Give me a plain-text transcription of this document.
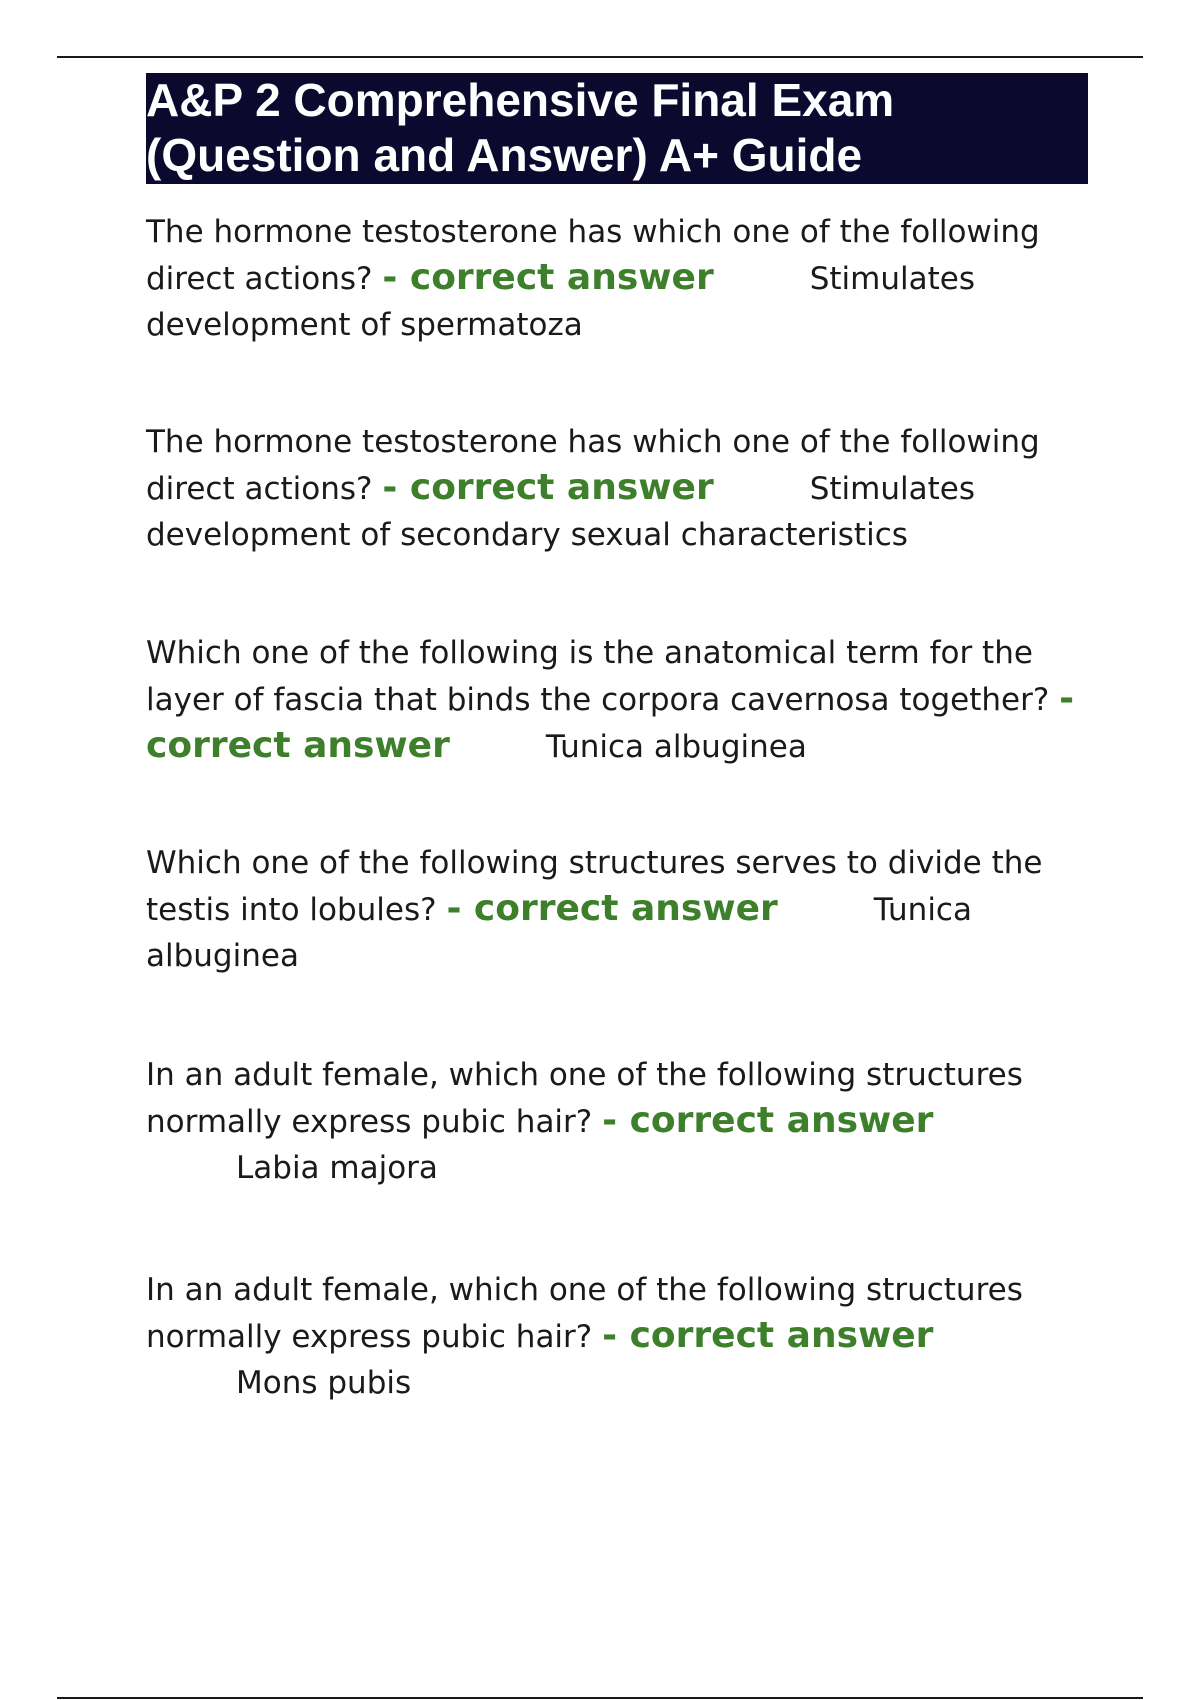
A&P 2 Comprehensive Final Exam
(Question and Answer) A+ Guide
The hormone testosterone has which one of the following direct actions? - correct answer	Stimulates development of spermatoza
The hormone testosterone has which one of the following direct actions? - correct answer	Stimulates development of secondary sexual characteristics
Which one of the following is the anatomical term for the layer of fascia that binds the corpora cavernosa together? - correct answer	Tunica albuginea
Which one of the following structures serves to divide the testis into lobules? - correct answer	Tunica albuginea
In an adult female, which one of the following structures normally express pubic hair? - correct answer
Labia majora
In an adult female, which one of the following structures normally express pubic hair? - correct answer
Mons pubis
